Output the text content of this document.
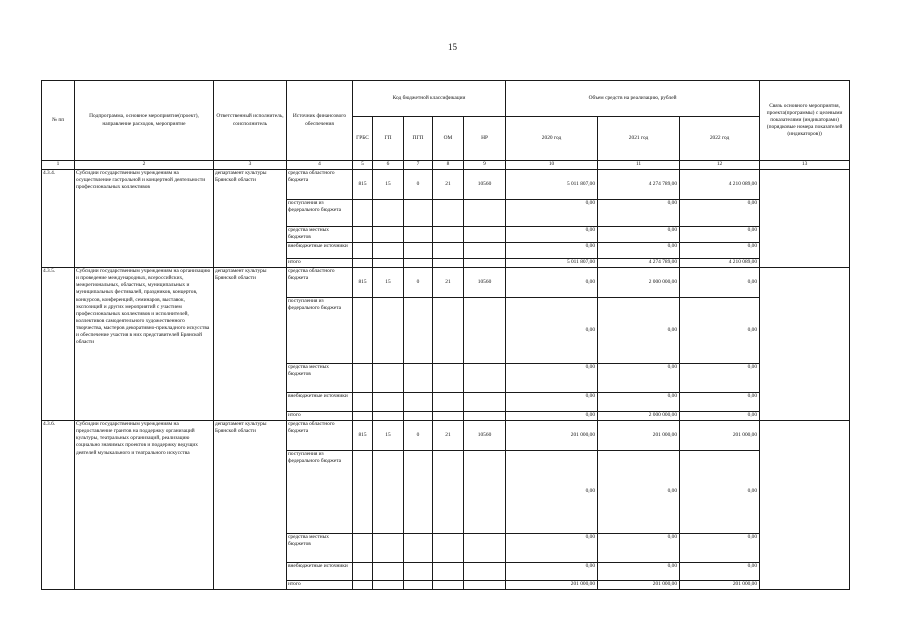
15
№ пп	Подпрограмма, основное мероприятие(проект), направление расходов, мероприятие	Ответственный исполнитель, соисполнитель	Источник финансового обеспечения	Код бюджетной классификации					Объем средств на реализацию, рублей			Связь основного мероприятия, проекта(программы) с целевыми показателями (индикаторами) (порядковые номера показателей (индикаторов))
				ГРБС	ГП	ПГП	ОМ	НР	2020 год	2021 год	2022 год	
1	2	3	4	5	6	7	8	9	10	11	12	13
4.3.4.	Субсидии государственным учреждениям на осуществление гастрольной и концертной деятельности профессиональных коллективов	департамент культуры Брянской области	средства областного бюджета	815	15	0	21	10560	5 011 807,00	4 274 789,00	4 210 089,00	
			поступления из федерального бюджета						0,00	0,00	0,00	
			средства местных бюджетов						0,00	0,00	0,00	
			внебюджетные источники						0,00	0,00	0,00	
			итого						5 011 807,00	4 274 789,00	4 210 089,00	
4.3.5.	Субсидии государственным учреждениям на организацию и проведение международных, всероссийских, межрегиональных, областных, муниципальных и муниципальных фестивалей, праздников, концертов, конкурсов, конференций, семинаров, выставок, экспозиций и других мероприятий с участием профессиональных коллективов и исполнителей, коллективов самодеятельного художественного творчества, мастеров декоративно-прикладного искусства и обеспечение участия в них представителей Брянской области	департамент культуры Брянской области	средства областного бюджета	815	15	0	21	10560	0,00	2 000 000,00	0,00	
			поступления из федерального бюджета						0,00	0,00	0,00	
			средства местных бюджетов						0,00	0,00	0,00	
			внебюджетные источники						0,00	0,00	0,00	
			итого						0,00	2 000 000,00	0,00	
4.3.6.	Субсидии государственным учреждениям на предоставление грантов на поддержку организаций культуры, театральных организаций, реализацию социально значимых проектов и поддержку ведущих деятелей музыкального и театрального искусства	департамент культуры Брянской области	средства областного бюджета	815	15	0	21	10560	201 000,00	201 000,00	201 000,00	
			поступления из федерального бюджета						0,00	0,00	0,00	
			средства местных бюджетов						0,00	0,00	0,00	
			внебюджетные источники						0,00	0,00	0,00	
			итого						201 000,00	201 000,00	201 000,00	
